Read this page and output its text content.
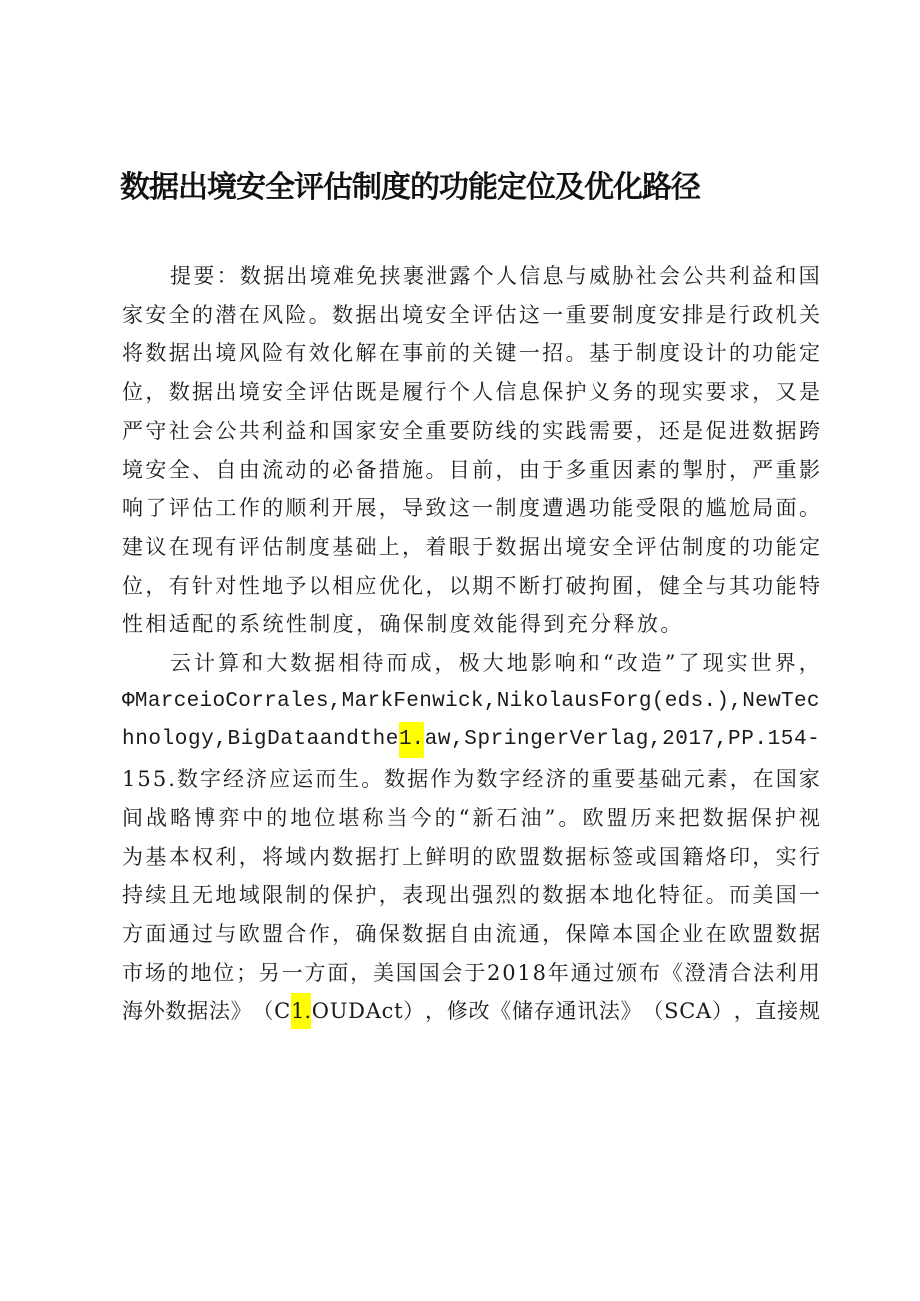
数据出境安全评估制度的功能定位及优化路径
提 要 ： 数 据 出 境 难 免 挟 裹 泄 露 个 人 信 息 与 威 胁 社 会 公 共 利 益 和 国
家 安 全 的 潜 在 风 险 。 数 据 出 境 安 全 评 估 这 一 重 要 制 度 安 排 是 行 政 机 关
将 数 据 出 境 风 险 有 效 化 解 在 事 前 的 关 键 一 招 。 基 于 制 度 设 计 的 功 能 定
位 ， 数 据 出 境 安 全 评 估 既 是 履 行 个 人 信 息 保 护 义 务 的 现 实 要 求 ， 又 是
严 守 社 会 公 共 利 益 和 国 家 安 全 重 要 防 线 的 实 践 需 要 ， 还 是 促 进 数 据 跨
境 安 全 、 自 由 流 动 的 必 备 措 施 。 目 前 ， 由 于 多 重 因 素 的 掣 肘 ， 严 重 影
响 了 评 估 工 作 的 顺 利 开 展 ， 导 致 这 一 制 度 遭 遇 功 能 受 限 的 尴 尬 局 面 。
建 议 在 现 有 评 估 制 度 基 础 上 ， 着 眼 于 数 据 出 境 安 全 评 估 制 度 的 功 能 定
位 ， 有 针 对 性 地 予 以 相 应 优 化 ， 以 期 不 断 打 破 拘 囿 ， 健 全 与 其 功 能 特
性 相 适 配 的 系 统 性 制 度 ， 确 保 制 度 效 能 得 到 充 分 释 放 。
云 计 算 和 大 数 据 相 待 而 成 ， 极 大 地 影 响 和 “ 改 造 ” 了 现 实 世 界 ，
Φ M a r c e i o C o r r a l e s , M a r k F e n w i c k , N i k o l a u s F o r g ( e d s . ) , N e w T e c
h n o l o g y , B i g D a t a a n d t h e 1. a w , S p r i n g e r V e r l a g , 2 0 1 7 , P P . 1 5 4 -
1 5 5 . 数 字 经 济 应 运 而 生 。 数 据 作 为 数 字 经 济 的 重 要 基 础 元 素 ， 在 国 家
间 战 略 博 弈 中 的 地 位 堪 称 当 今 的 “ 新 石 油 ” 。 欧 盟 历 来 把 数 据 保 护 视
为 基 本 权 利 ， 将 域 内 数 据 打 上 鲜 明 的 欧 盟 数 据 标 签 或 国 籍 烙 印 ， 实 行
持 续 且 无 地 域 限 制 的 保 护 ， 表 现 出 强 烈 的 数 据 本 地 化 特 征 。 而 美 国 一
方 面 通 过 与 欧 盟 合 作 ， 确 保 数 据 自 由 流 通 ， 保 障 本 国 企 业 在 欧 盟 数 据
市 场 的 地 位 ； 另 一 方 面 ， 美 国 国 会 于 2 0 1 8 年 通 过 颁 布 《 澄 清 合 法 利 用
海 外 数 据 法 》 （ C 1. O U D A c t ） ， 修 改 《 储 存 通 讯 法 》 （ S C A ） ， 直 接 规
